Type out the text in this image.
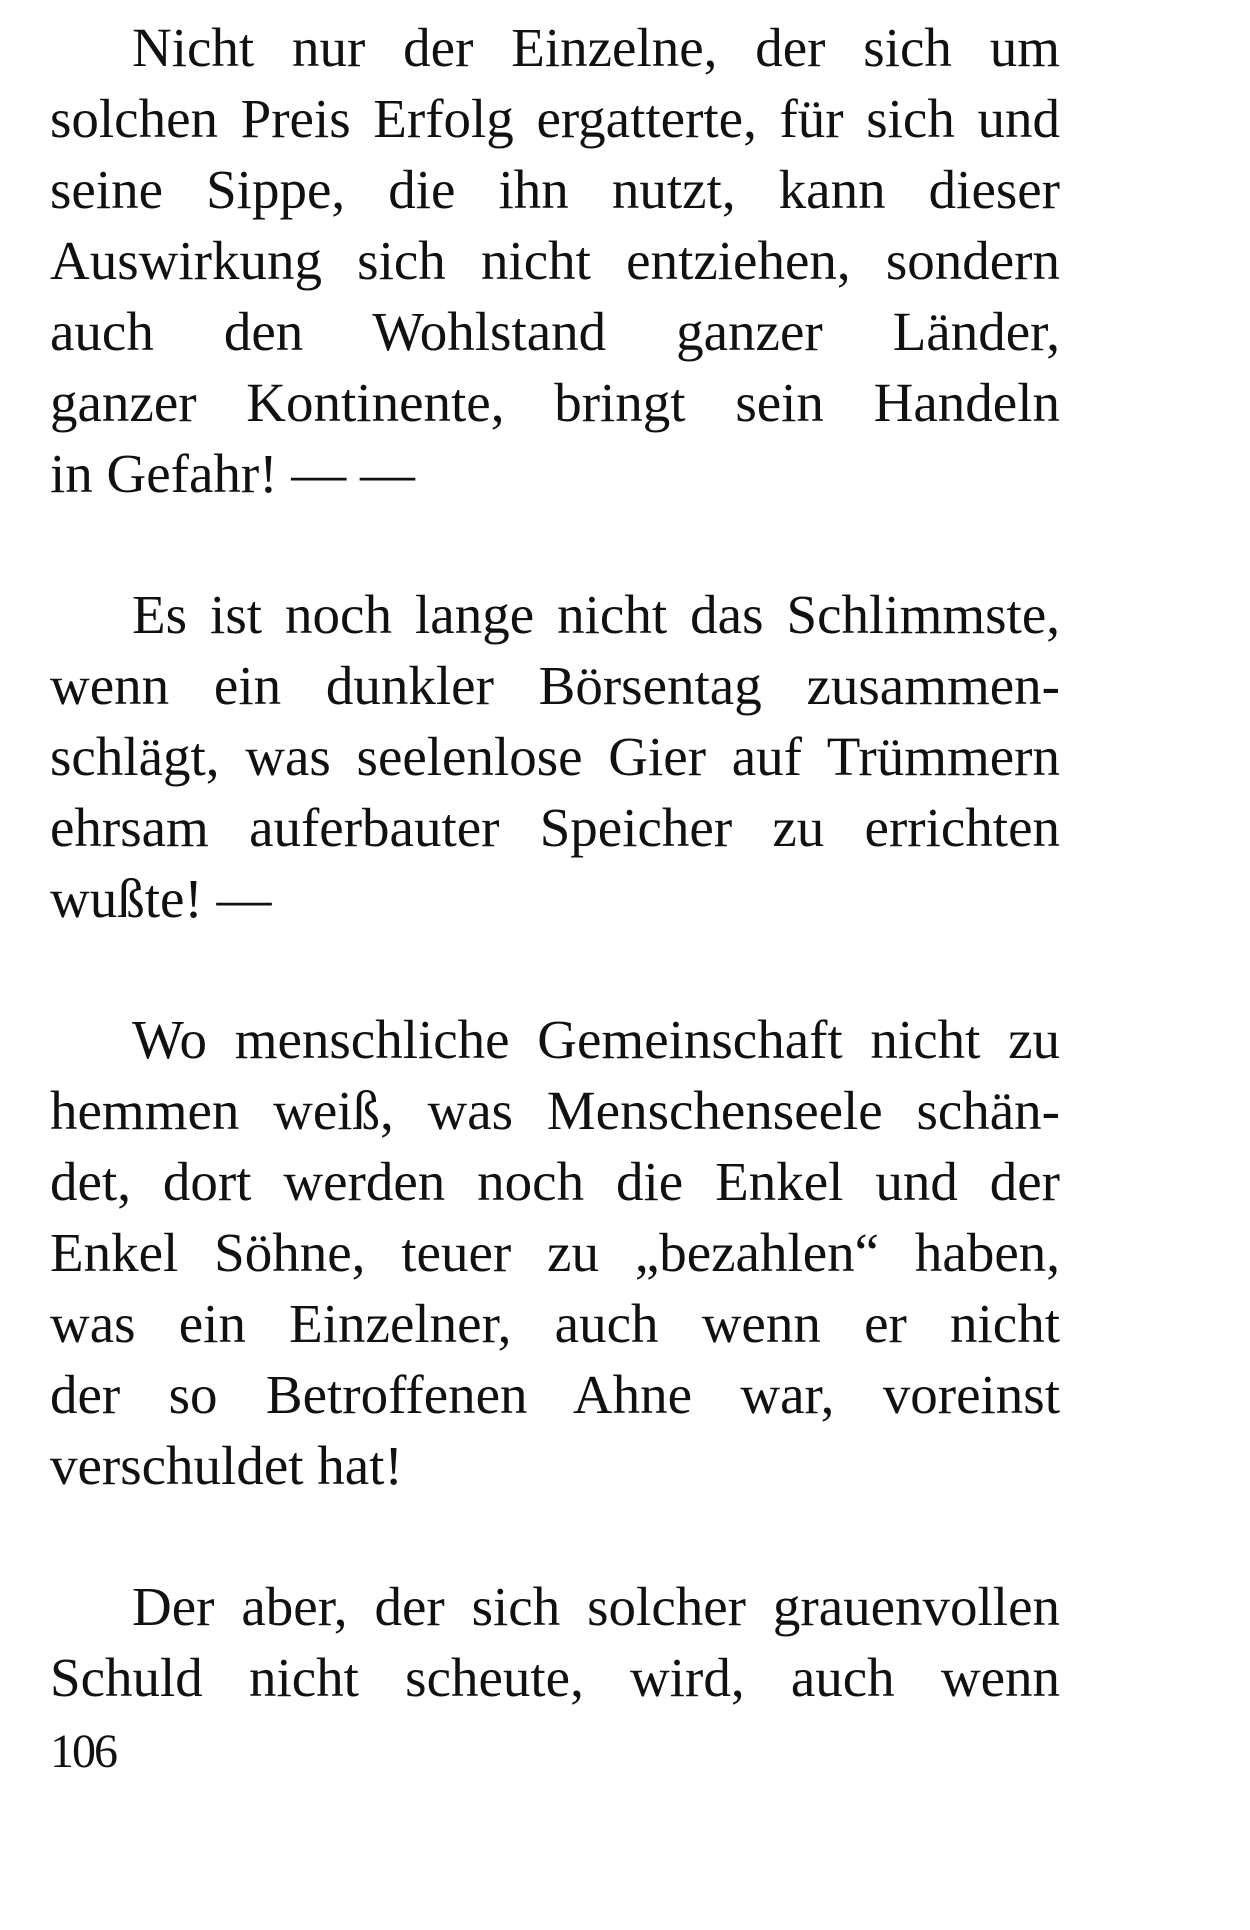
Nicht nur der Einzelne, der sich um
solchen Preis Erfolg ergatterte, für sich und
seine Sippe, die ihn nutzt, kann dieser
Auswirkung sich nicht entziehen, sondern
auch den Wohlstand ganzer Länder,
ganzer Kontinente, bringt sein Handeln
in Gefahr! — —

Es ist noch lange nicht das Schlimmste,
wenn ein dunkler Börsentag zusammen-
schlägt, was seelenlose Gier auf Trümmern
ehrsam auferbauter Speicher zu errichten
wußte! —

Wo menschliche Gemeinschaft nicht zu
hemmen weiß, was Menschenseele schän-
det, dort werden noch die Enkel und der
Enkel Söhne, teuer zu „bezahlen“ haben,
was ein Einzelner, auch wenn er nicht
der so Betroffenen Ahne war, voreinst
verschuldet hat!

Der aber, der sich solcher grauenvollen
Schuld nicht scheute, wird, auch wenn

106
